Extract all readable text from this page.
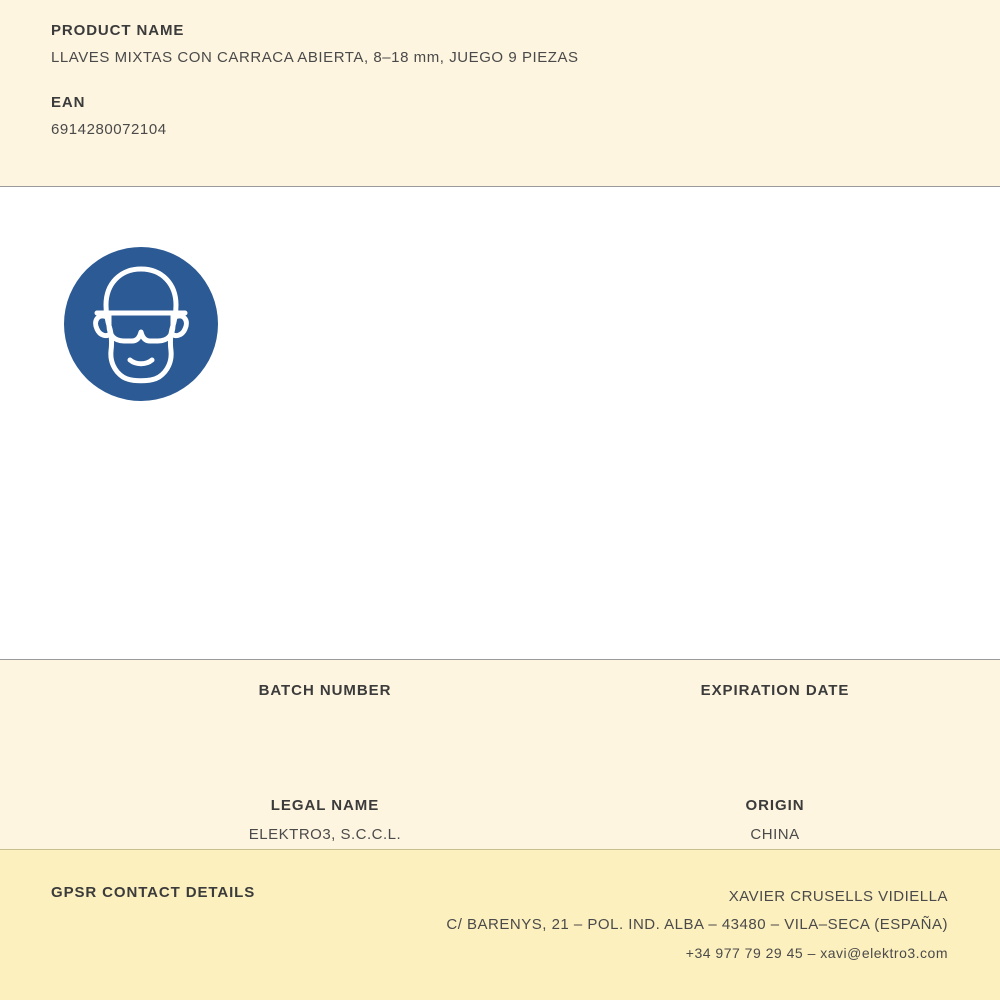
PRODUCT NAME
LLAVES MIXTAS CON CARRACA ABIERTA, 8–18 mm, JUEGO 9 PIEZAS
EAN
6914280072104
BATCH NUMBER	EXPIRATION DATE
LEGAL NAME
ELEKTRO3, S.C.C.L.
ORIGIN
CHINA
GPSR CONTACT DETAILS	XAVIER CRUSELLS VIDIELLA
C/ BARENYS, 21 – POL. IND. ALBA – 43480 – VILA–SECA (ESPAÑA)
+34 977 79 29 45 – xavi@elektro3.com
